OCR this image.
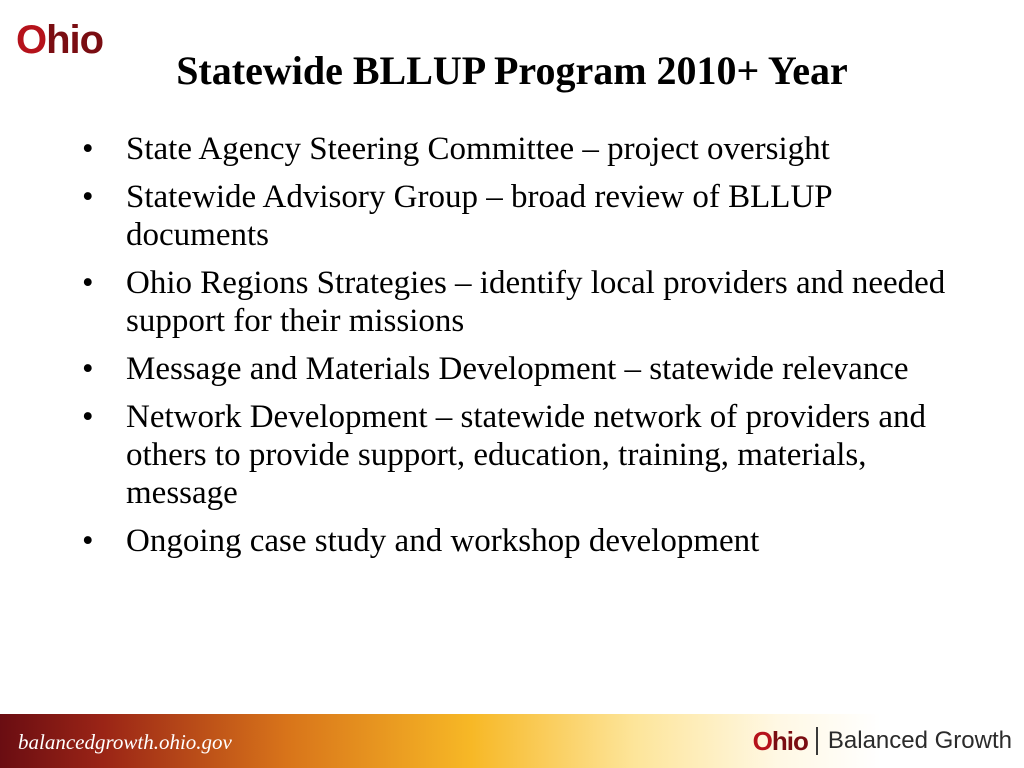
Ohio
Statewide BLLUP Program 2010+ Year
• State Agency Steering Committee – project oversight
• Statewide Advisory Group – broad review of BLLUP documents
• Ohio Regions Strategies – identify local providers and needed support for their missions
• Message and Materials Development – statewide relevance
• Network Development – statewide network of providers and others to provide support, education, training, materials, message
• Ongoing case study and workshop development
balancedgrowth.ohio.gov	Ohio Balanced Growth
